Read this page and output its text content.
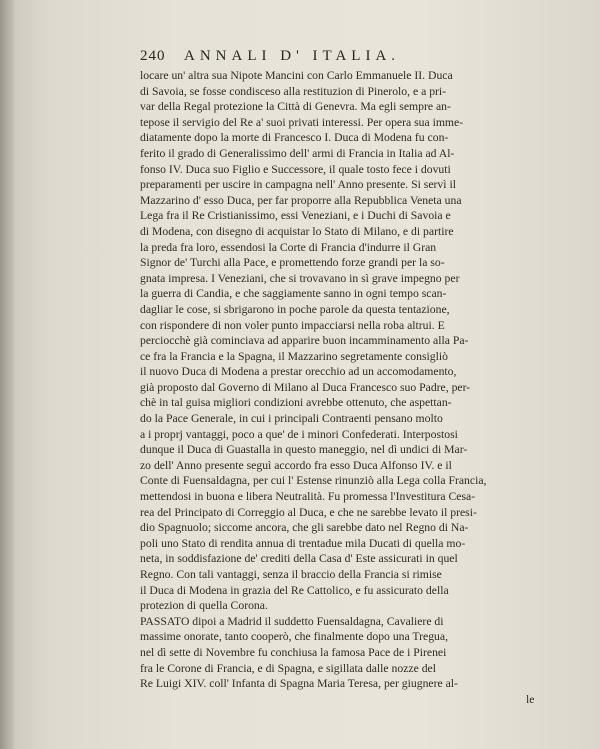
240 ANNALI D' ITALIA.
locare un' altra sua Nipote Mancini con Carlo Emmanuele II. Duca
di Savoia, se fosse condisceso alla restituzion di Pinerolo, e a pri-
var della Regal protezione la Città di Genevra. Ma egli sempre an-
tepose il servigio del Re a' suoi privati interessi. Per opera sua imme-
diatamente dopo la morte di Francesco I. Duca di Modena fu con-
ferito il grado di Generalissimo dell' armi di Francia in Italia ad Al-
fonso IV. Duca suo Figlio e Successore, il quale tosto fece i dovuti
preparamenti per uscire in campagna nell' Anno presente. Si servì il
Mazzarino d' esso Duca, per far proporre alla Repubblica Veneta una
Lega fra il Re Cristianissimo, essi Veneziani, e i Duchi di Savoia e
di Modena, con disegno di acquistar lo Stato di Milano, e di partire
la preda fra loro, essendosi la Corte di Francia d'indurre il Gran
Signor de' Turchi alla Pace, e promettendo forze grandi per la so-
gnata impresa. I Veneziani, che si trovavano in sì grave impegno per
la guerra di Candia, e che saggiamente sanno in ogni tempo scan-
dagliar le cose, si sbrigarono in poche parole da questa tentazione,
con rispondere di non voler punto impacciarsi nella roba altrui. E
perciocchè già cominciava ad apparire buon incamminamento alla Pa-
ce fra la Francia e la Spagna, il Mazzarino segretamente consigliò
il nuovo Duca di Modena a prestar orecchio ad un accomodamento,
già proposto dal Governo di Milano al Duca Francesco suo Padre, per-
chè in tal guisa migliori condizioni avrebbe ottenuto, che aspettan-
do la Pace Generale, in cui i principali Contraenti pensano molto
a i proprj vantaggi, poco a que' de i minori Confederati. Interpostosi
dunque il Duca di Guastalla in questo maneggio, nel dì undici di Mar-
zo dell' Anno presente seguì accordo fra esso Duca Alfonso IV. e il
Conte di Fuensaldagna, per cui l' Estense rinunziò alla Lega colla Francia,
mettendosi in buona e libera Neutralità. Fu promessa l'Investitura Cesa-
rea del Principato di Correggio al Duca, e che ne sarebbe levato il presi-
dio Spagnuolo; siccome ancora, che gli sarebbe dato nel Regno di Na-
poli uno Stato di rendita annua di trentadue mila Ducati di quella mo-
neta, in soddisfazione de' crediti della Casa d' Este assicurati in quel
Regno. Con tali vantaggi, senza il braccio della Francia si rimise
il Duca di Modena in grazia del Re Cattolico, e fu assicurato della
protezion di quella Corona.
PASSATO dipoi a Madrid il suddetto Fuensaldagna, Cavaliere di
massime onorate, tanto cooperò, che finalmente dopo una Tregua,
nel dì sette di Novembre fu conchiusa la famosa Pace de i Pirenei
fra le Corone di Francia, e di Spagna, e sigillata dalle nozze del
Re Luigi XIV. coll' Infanta di Spagna Maria Teresa, per giugnere al-
le
